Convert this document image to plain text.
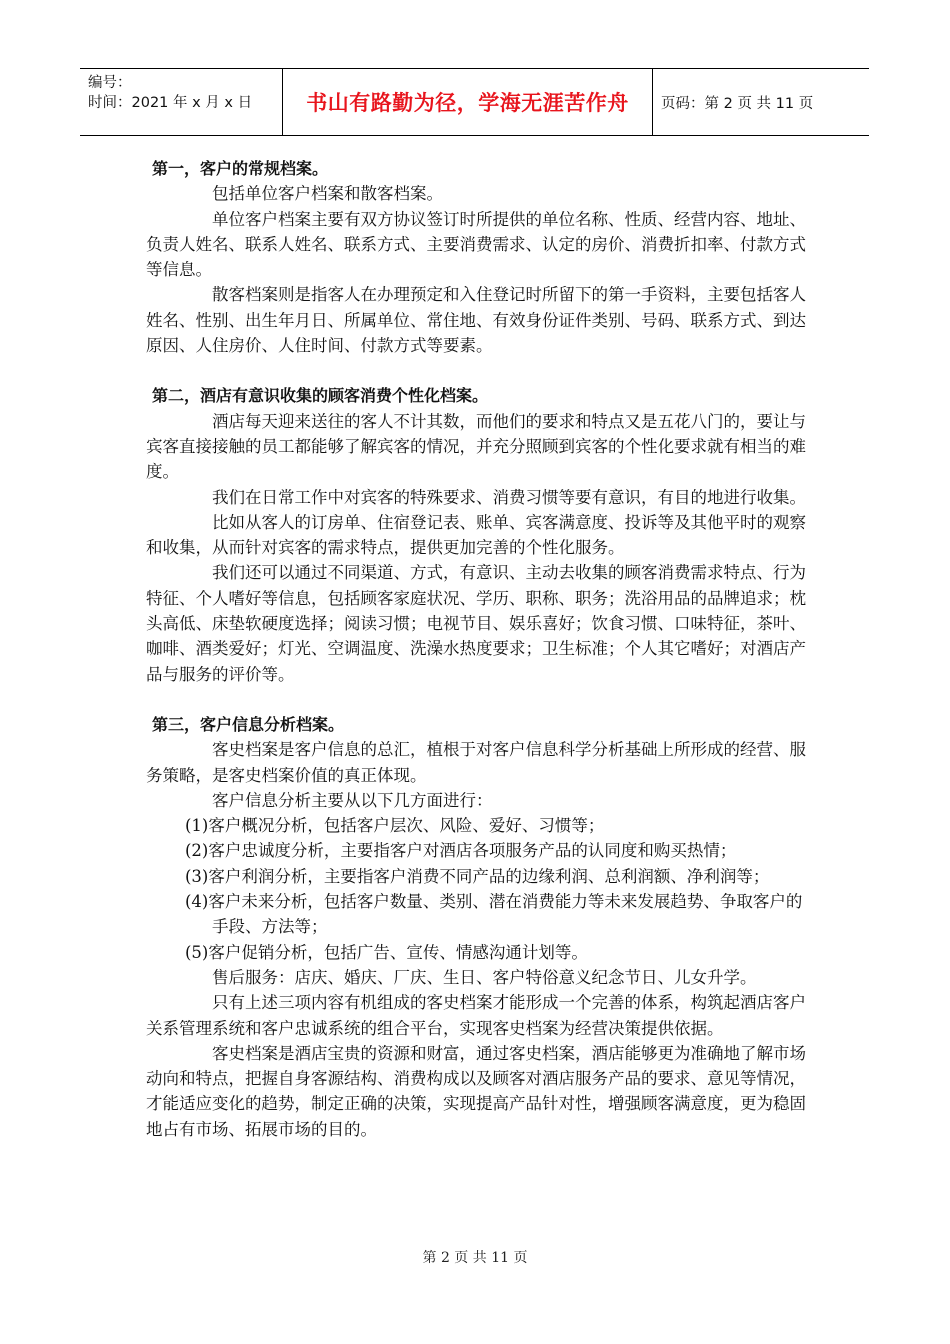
编号：
时间：2021 年 x 月 x 日	书山有路勤为径，学海无涯苦作舟	页码：第 2 页 共 11 页
第一，客户的常规档案。
包括单位客户档案和散客档案。
单位客户档案主要有双方协议签订时所提供的单位名称、性质、经营内容、地址、负责人姓名、联系人姓名、联系方式、主要消费需求、认定的房价、消费折扣率、付款方式等信息。
散客档案则是指客人在办理预定和入住登记时所留下的第一手资料，主要包括客人姓名、性别、出生年月日、所属单位、常住地、有效身份证件类别、号码、联系方式、到达原因、人住房价、人住时间、付款方式等要素。
第二，酒店有意识收集的顾客消费个性化档案。
酒店每天迎来送往的客人不计其数，而他们的要求和特点又是五花八门的，要让与宾客直接接触的员工都能够了解宾客的情况，并充分照顾到宾客的个性化要求就有相当的难度。
我们在日常工作中对宾客的特殊要求、消费习惯等要有意识，有目的地进行收集。
比如从客人的订房单、住宿登记表、账单、宾客满意度、投诉等及其他平时的观察和收集，从而针对宾客的需求特点，提供更加完善的个性化服务。
我们还可以通过不同渠道、方式，有意识、主动去收集的顾客消费需求特点、行为特征、个人嗜好等信息，包括顾客家庭状况、学历、职称、职务；洗浴用品的品牌追求；枕头高低、床垫软硬度选择；阅读习惯；电视节目、娱乐喜好；饮食习惯、口味特征，茶叶、咖啡、酒类爱好；灯光、空调温度、洗澡水热度要求；卫生标准；个人其它嗜好；对酒店产品与服务的评价等。
第三，客户信息分析档案。
客史档案是客户信息的总汇，植根于对客户信息科学分析基础上所形成的经营、服务策略，是客史档案价值的真正体现。
客户信息分析主要从以下几方面进行：
(1)客户概况分析，包括客户层次、风险、爱好、习惯等；
(2)客户忠诚度分析，主要指客户对酒店各项服务产品的认同度和购买热情；
(3)客户利润分析，主要指客户消费不同产品的边缘利润、总利润额、净利润等；
(4)客户未来分析，包括客户数量、类别、潜在消费能力等未来发展趋势、争取客户的手段、方法等；
(5)客户促销分析，包括广告、宣传、情感沟通计划等。
售后服务：店庆、婚庆、厂庆、生日、客户特俗意义纪念节日、儿女升学。
只有上述三项内容有机组成的客史档案才能形成一个完善的体系，构筑起酒店客户关系管理系统和客户忠诚系统的组合平台，实现客史档案为经营决策提供依据。
客史档案是酒店宝贵的资源和财富，通过客史档案，酒店能够更为准确地了解市场动向和特点，把握自身客源结构、消费构成以及顾客对酒店服务产品的要求、意见等情况，才能适应变化的趋势，制定正确的决策，实现提高产品针对性，增强顾客满意度，更为稳固地占有市场、拓展市场的目的。
第 2 页 共 11 页
